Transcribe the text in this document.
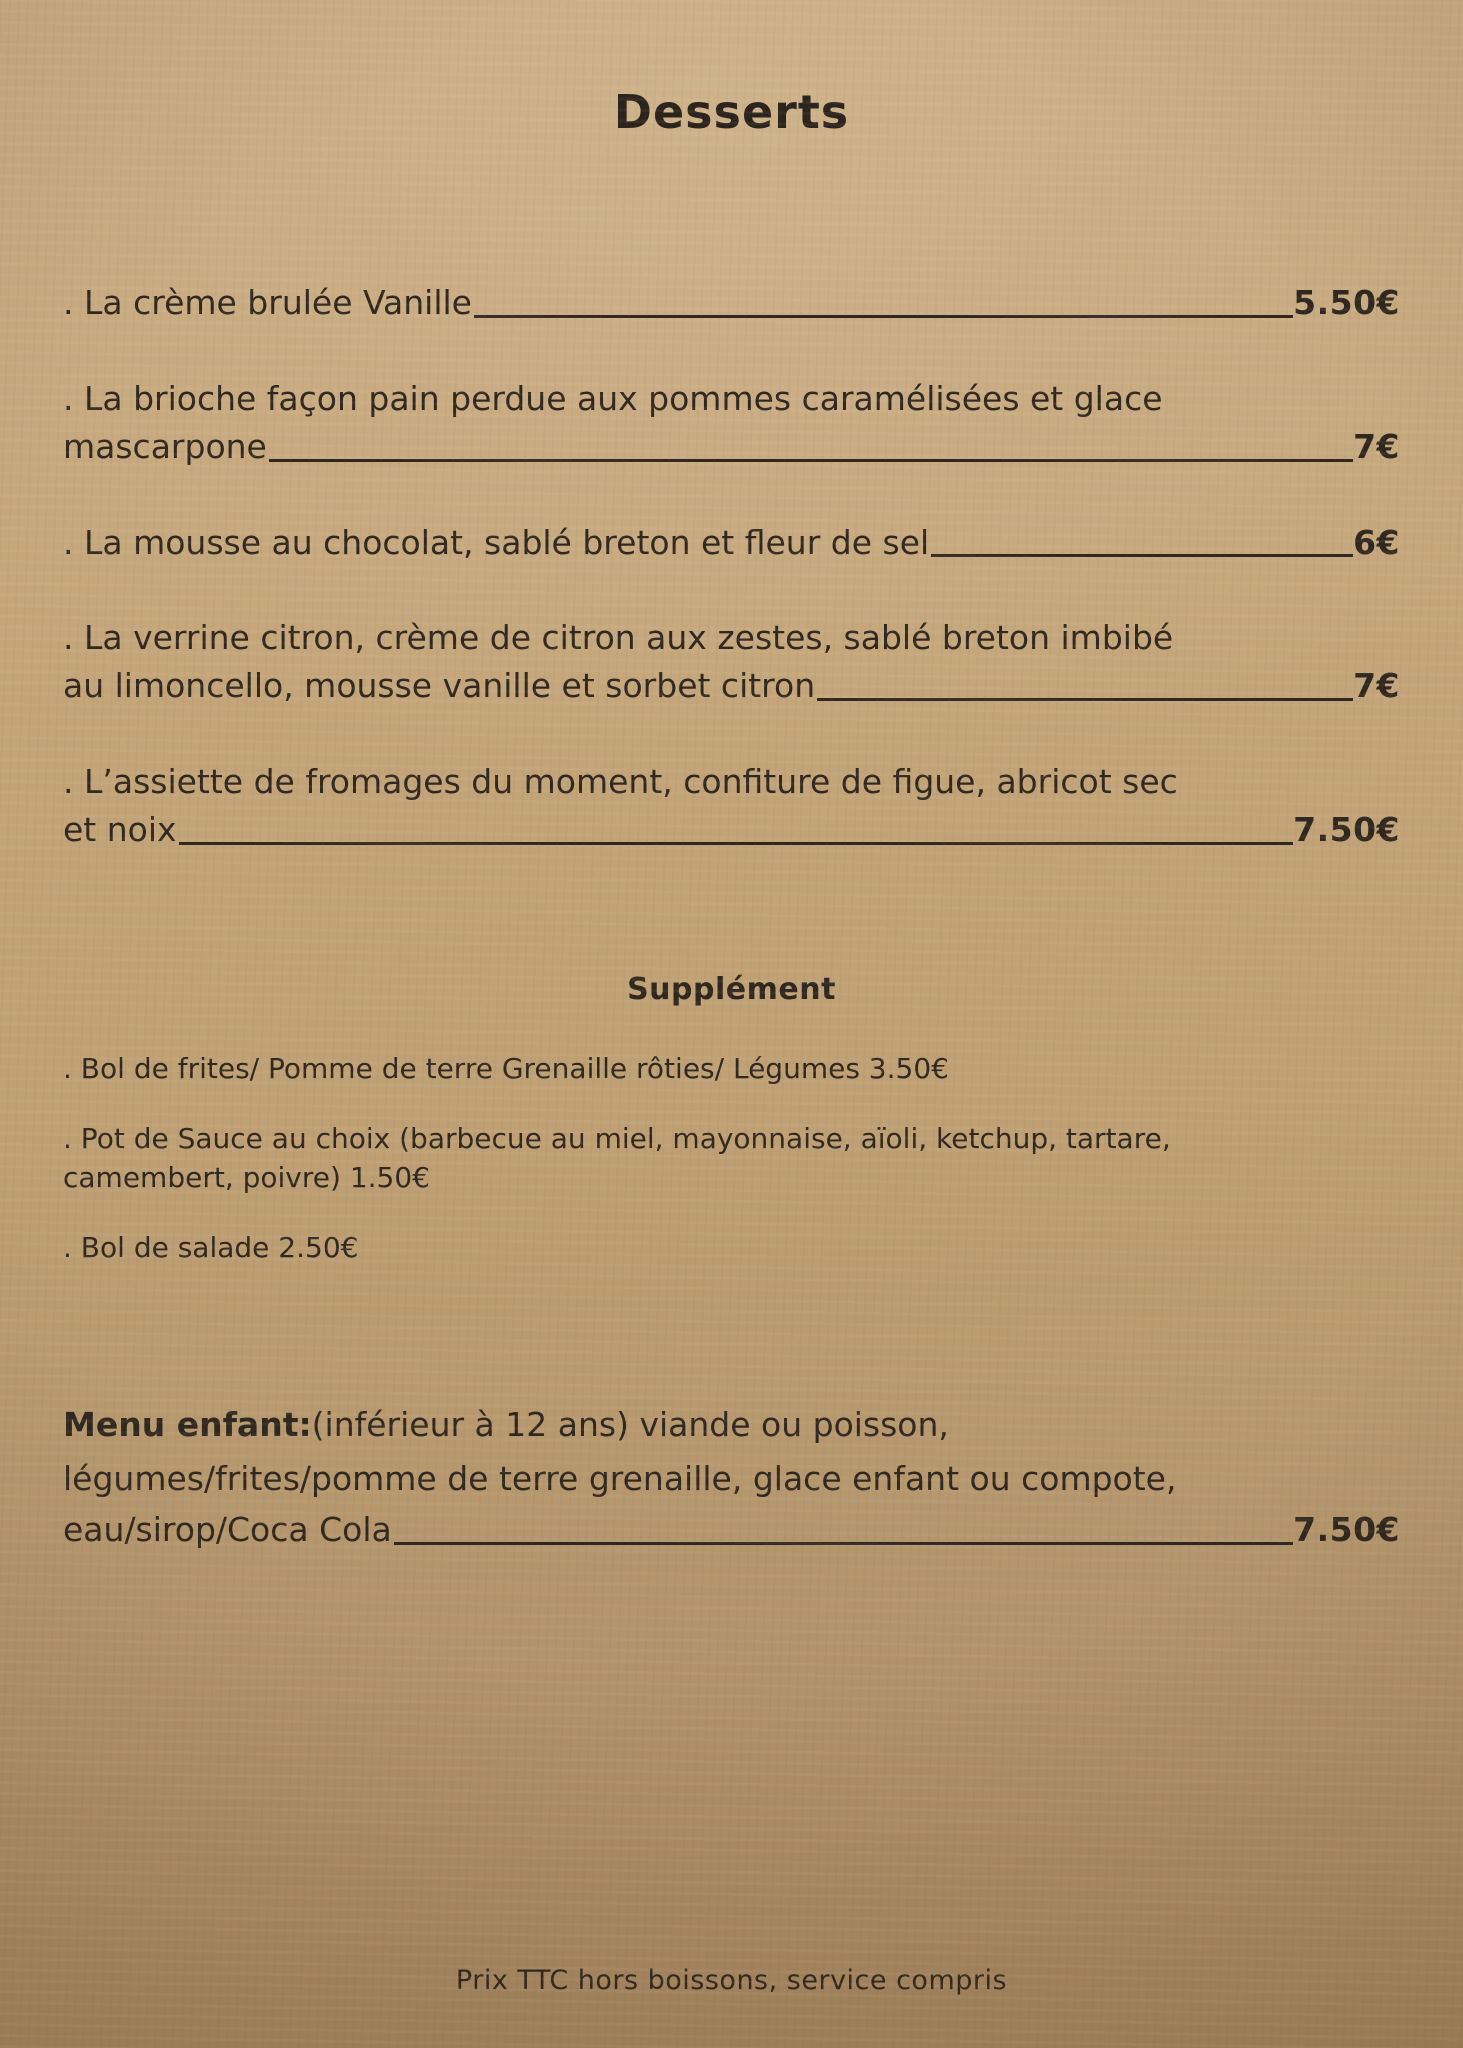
Desserts
. La crème brulée Vanille	5.50€
. La brioche façon pain perdue aux pommes caramélisées et glace
mascarpone	7€
. La mousse au chocolat, sablé breton et fleur de sel	6€
. La verrine citron, crème de citron aux zestes, sablé breton imbibé
au limoncello, mousse vanille et sorbet citron	7€
. L’assiette de fromages du moment, confiture de figue, abricot sec
et noix	7.50€
Supplément
. Bol de frites/ Pomme de terre Grenaille rôties/ Légumes 3.50€
. Pot de Sauce au choix (barbecue au miel, mayonnaise, aïoli, ketchup, tartare,
camembert, poivre) 1.50€
. Bol de salade 2.50€
Menu enfant:(inférieur à 12 ans) viande ou poisson,
légumes/frites/pomme de terre grenaille, glace enfant ou compote,
eau/sirop/Coca Cola	7.50€
Prix TTC hors boissons, service compris
